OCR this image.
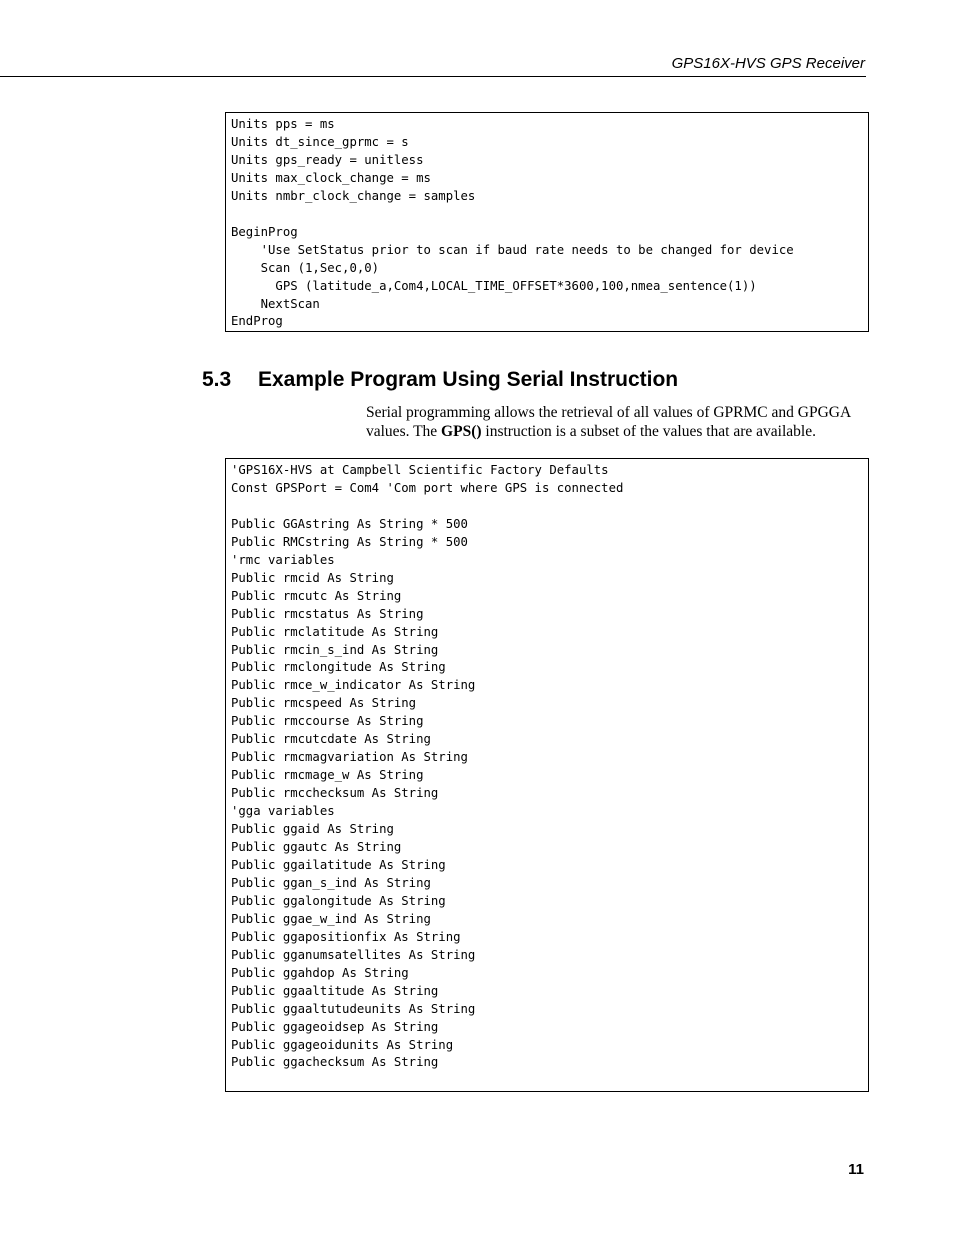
GPS16X-HVS GPS Receiver
Units pps = ms
Units dt_since_gprmc = s
Units gps_ready = unitless
Units max_clock_change = ms
Units nmbr_clock_change = samples

BeginProg
'Use SetStatus prior to scan if baud rate needs to be changed for device
Scan (1,Sec,0,0)
GPS (latitude_a,Com4,LOCAL_TIME_OFFSET*3600,100,nmea_sentence(1))
NextScan
EndProg
5.3 Example Program Using Serial Instruction

Serial programming allows the retrieval of all values of GPRMC and GPGGA values. The GPS() instruction is a subset of the values that are available.

'GPS16X-HVS at Campbell Scientific Factory Defaults
Const GPSPort = Com4 'Com port where GPS is connected

Public GGAstring As String * 500
Public RMCstring As String * 500
'rmc variables
Public rmcid As String
Public rmcutc As String
Public rmcstatus As String
Public rmclatitude As String
Public rmcin_s_ind As String
Public rmclongitude As String
Public rmce_w_indicator As String
Public rmcspeed As String
Public rmccourse As String
Public rmcutcdate As String
Public rmcmagvariation As String
Public rmcmage_w As String
Public rmcchecksum As String
'gga variables
Public ggaid As String
Public ggautc As String
Public ggailatitude As String
Public ggan_s_ind As String
Public ggalongitude As String
Public ggae_w_ind As String
Public ggapositionfix As String
Public gganumsatellites As String
Public ggahdop As String
Public ggaaltitude As String
Public ggaaltutudeunits As String
Public ggageoidsep As String
Public ggageoidunits As String
Public ggachecksum As String
11
